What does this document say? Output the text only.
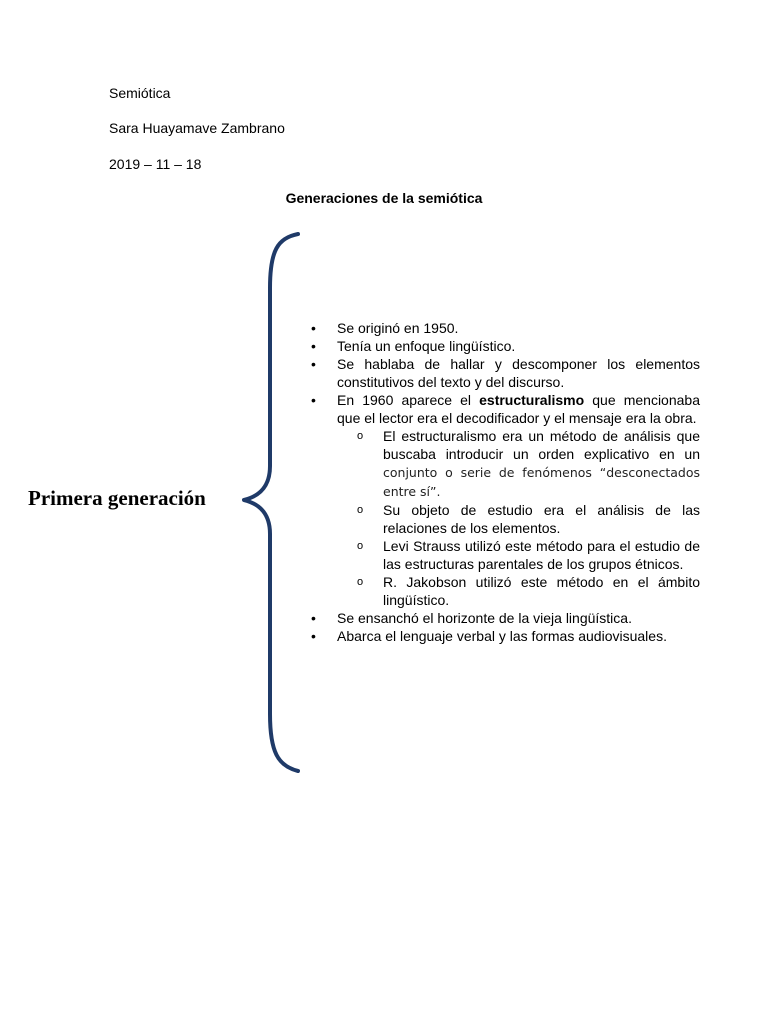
Semiótica
Sara Huayamave Zambrano
2019 – 11 – 18
Generaciones de la semiótica
Primera generación
• Se originó en 1950.
• Tenía un enfoque lingüístico.
• Se hablaba de hallar y descomponer los elementos constitutivos del texto y del discurso.
• En 1960 aparece el estructuralismo que mencionaba que el lector era el decodificador y el mensaje era la obra.
o El estructuralismo era un método de análisis que buscaba introducir un orden explicativo en un conjunto o serie de fenómenos “desconectados entre sí”.
o Su objeto de estudio era el análisis de las relaciones de los elementos.
o Levi Strauss utilizó este método para el estudio de las estructuras parentales de los grupos étnicos.
o R. Jakobson utilizó este método en el ámbito lingüístico.
• Se ensanchó el horizonte de la vieja lingüística.
• Abarca el lenguaje verbal y las formas audiovisuales.
